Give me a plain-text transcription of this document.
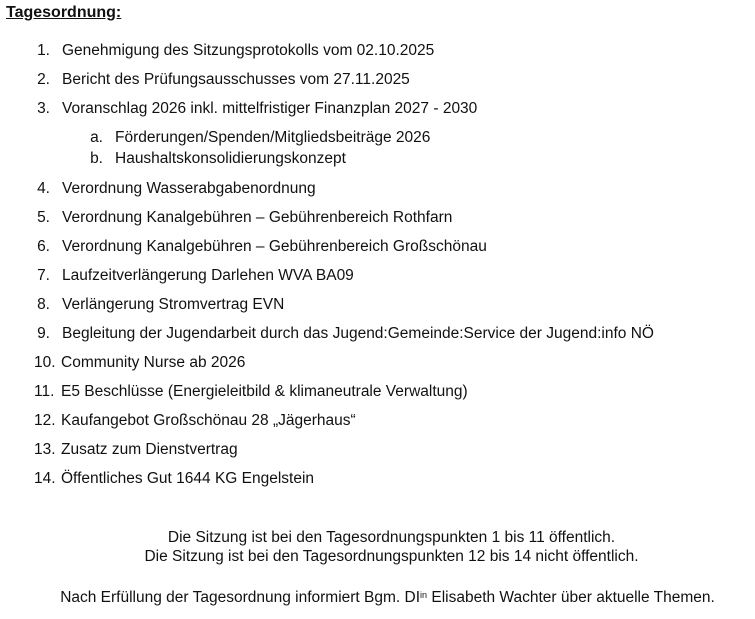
Tagesordnung:
1. Genehmigung des Sitzungsprotokolls vom 02.10.2025
2. Bericht des Prüfungsausschusses vom 27.11.2025
3. Voranschlag 2026 inkl. mittelfristiger Finanzplan 2027 - 2030
a. Förderungen/Spenden/Mitgliedsbeiträge 2026
b. Haushaltskonsolidierungskonzept
4. Verordnung Wasserabgabenordnung
5. Verordnung Kanalgebühren – Gebührenbereich Rothfarn
6. Verordnung Kanalgebühren – Gebührenbereich Großschönau
7. Laufzeitverlängerung Darlehen WVA BA09
8. Verlängerung Stromvertrag EVN
9. Begleitung der Jugendarbeit durch das Jugend:Gemeinde:Service der Jugend:info NÖ
10. Community Nurse ab 2026
11. E5 Beschlüsse (Energieleitbild & klimaneutrale Verwaltung)
12. Kaufangebot Großschönau 28 „Jägerhaus“
13. Zusatz zum Dienstvertrag
14. Öffentliches Gut 1644 KG Engelstein
Die Sitzung ist bei den Tagesordnungspunkten 1 bis 11 öffentlich.
Die Sitzung ist bei den Tagesordnungspunkten 12 bis 14 nicht öffentlich.
Nach Erfüllung der Tagesordnung informiert Bgm. $DI^{in}$ Elisabeth Wachter über aktuelle Themen.
